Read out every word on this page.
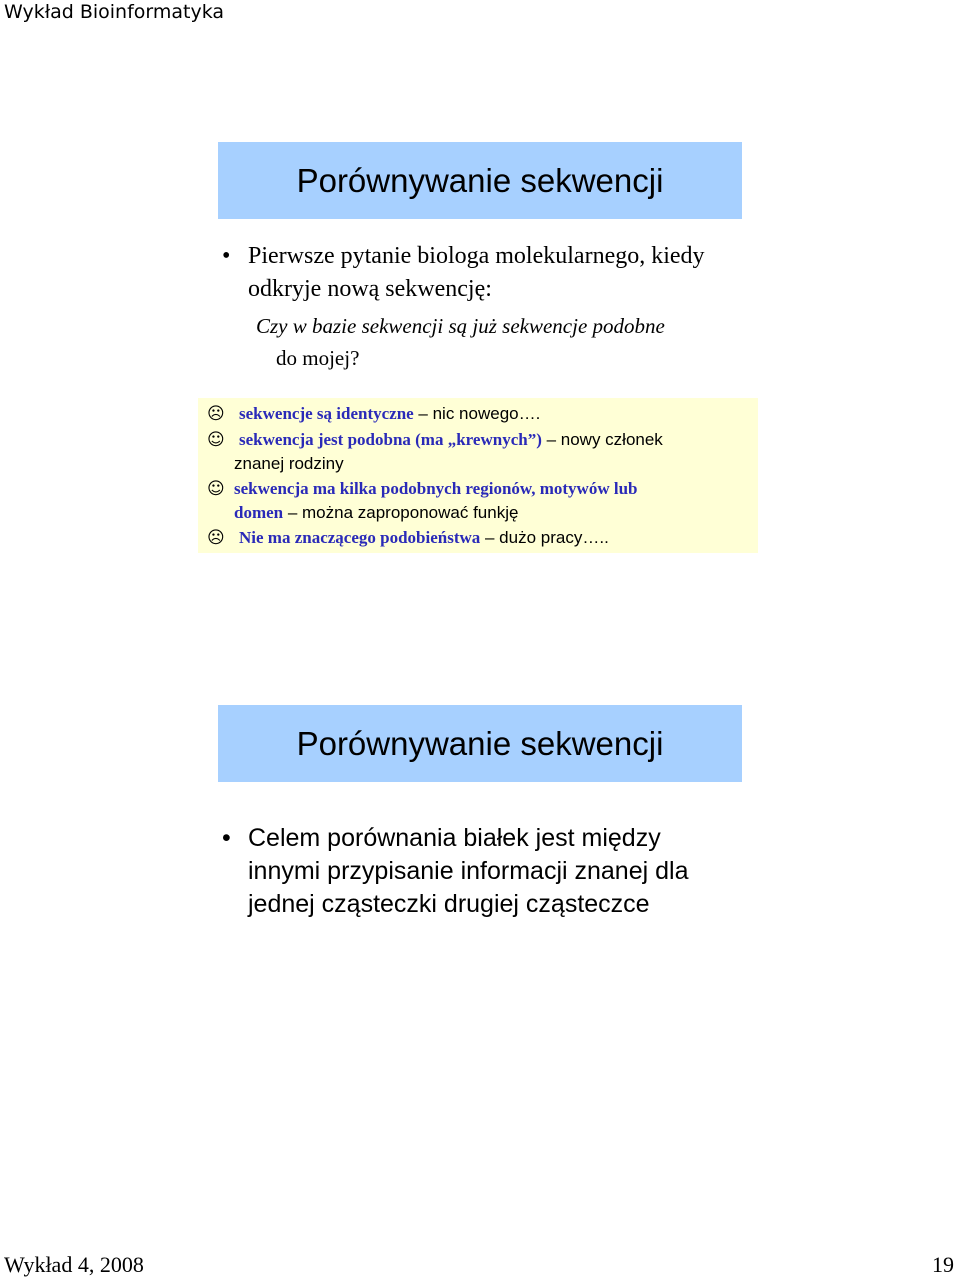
Wykład Bioinformatyka
Porównywanie sekwencji
• Pierwsze pytanie biologa molekularnego, kiedy odkryje nową sekwencję:
Czy w bazie sekwencji są już sekwencje podobne
do mojej?
☹ sekwencje są identyczne – nic nowego….
☺ sekwencja jest podobna (ma „krewnych”) – nowy członek
znanej rodziny
☺ sekwencja ma kilka podobnych regionów, motywów lub
domen – można zaproponować funkję
☹ Nie ma znaczącego podobieństwa – dużo pracy…..
Porównywanie sekwencji
• Celem porównania białek jest między innymi przypisanie informacji znanej dla jednej cząsteczki drugiej cząsteczce
Wykład 4, 2008	19
